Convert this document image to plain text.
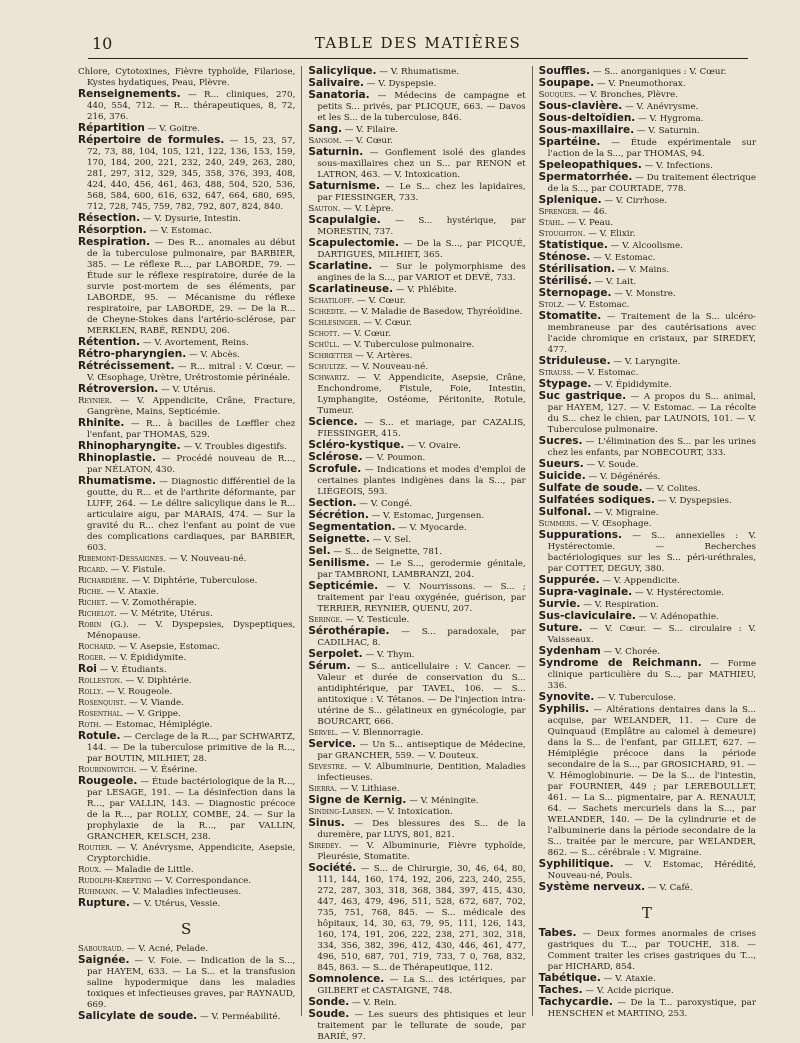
10	TABLE DES MATIÈRES
Chlore, Cytotoxines, Fièvre typhoïde, Filariose, Kystes hydatiques, Peau, Plèvre.
Renseignements. — R... cliniques, 270, 440, 554, 712. — R... thérapeutiques, 8, 72, 216, 376.
Répartition — V. Goitre.
Répertoire de formules. — 15, 23, 57, 72, 73, 88, 104, 105, 121, 122, 136, 153, 159, 170, 184, 200, 221, 232, 240, 249, 263, 280, 281, 297, 312, 329, 345, 358, 376, 393, 408, 424, 440, 456, 461, 463, 488, 504, 520, 536, 568, 584, 600, 616, 632, 647, 664, 680, 695, 712, 728, 745, 759, 782, 792, 807, 824, 840.
Résection. — V. Dysurie, Intestin.
Résorption. — V. Estomac.
Respiration. — Des R... anomales au début de la tuberculose pulmonaire, par BARBIER, 385. — Le réflexe R..., par LABORDE, 79. — Étude sur le réflexe respiratoire, durée de la survie post-mortem de ses éléments, par LABORDE, 95. — Mécanisme du réflexe respiratoire, par LABORDE, 29. — De la R... de Cheyne-Stokes dans l'artério-sclérose, par MERKLEN, RABÉ, RENDU, 206.
Rétention. — V. Avortement, Reins.
Rétro-pharyngien. — V. Abcès.
Rétrécissement. — R... mitral : V. Cœur. — V. Œsophage, Urètre, Urétrostomie périnéale.
Rétroversion. — V. Utérus.
Reynier. — V. Appendicite, Crâne, Fracture, Gangrène, Mains, Septicémie.
Rhinite. — R... à bacilles de Lœffler chez l'enfant, par THOMAS, 529.
Rhinopharyngite. — V. Troubles digestifs.
Rhinoplastie. — Procédé nouveau de R..., par NÉLATON, 430.
Rhumatisme. — Diagnostic différentiel de la goutte, du R... et de l'arthrite déformante, par LUFF, 264. — Le délire salicylique dans le R... articulaire aigu, par MARAIS, 474. — Sur la gravité du R... chez l'enfant au point de vue des complications cardiaques, par BARBIER, 603.
Ribemont-Dessaignes. — V. Nouveau-né.
Ricard. — V. Fistule.
Richardière. — V. Diphtérie, Tuberculose.
Riche. — V. Ataxie.
Richet. — V. Zomothérapie.
Richelot. — V. Métrite, Utérus.
Robin (G.). — V. Dyspepsies, Dyspeptiques, Ménopause.
Rochard. — V. Asepsie, Estomac.
Roger. — V. Épididymite.
Roi — V. Étudiants.
Rolleston. — V. Diphtérie.
Rolly. — V. Rougeole.
Rosenquist. — V. Viande.
Rosenthal. — V. Grippe.
Roth. — Estomac, Hémiplégie.
Rotule. — Cerclage de la R..., par SCHWARTZ, 144. — De la tuberculose primitive de la R..., par BOUTIN, MILHIET, 28.
Roubinowitch. — V. Ésérine.
Rougeole. — Étude bactériologique de la R..., par LESAGE, 191. — La désinfection dans la R..., par VALLIN, 143. — Diagnostic précoce de la R..., par ROLLY, COMBE, 24. — Sur la prophylaxie de la R..., par VALLIN, GRANCHER, KELSCH, 238.
Routier. — V. Anévrysme, Appendicite, Asepsie, Cryptorchidie.
Roux. — Maladie de Little.
Rudolph-Krefting — V. Correspondance.
Ruhmann. — V. Maladies infectieuses.
Rupture. — V. Utérus, Vessie.
S
Sabouraud. — V. Acné, Pelade.
Saignée. — V. Foie. — Indication de la S..., par HAYEM, 633. — La S... et la transfusion saline hypodermique dans les maladies toxiques et infectieuses graves, par RAYNAUD, 669.
Salicylate de soude. — V. Perméabilité.
Salicylique. — V. Rhumatisme.
Salivaire. — V. Dyspepsie.
Sanatoria. — Médecins de campagne et petits S... privés, par PLICQUE, 663. — Davos et les S... de la tuberculose, 846.
Sang. — V. Filaire.
Sansom. — V. Cœur.
Saturnin. — Gonflement isolé des glandes sous-maxillaires chez un S... par RENON et LATRON, 463. — V. Intoxication.
Saturnisme. — Le S... chez les lapidaires, par FIESSINGER, 733.
Sauton. — V. Lèpre.
Scapulalgie. — S... hystérique, par MORESTIN, 737.
Scapulectomie. — De la S..., par PICQUÉ, DARTIGUES, MILHIET, 365.
Scarlatine. — Sur le polymorphisme des angines de la S..., par VARIOT et DEVÉ, 733.
Scarlatineuse. — V. Phlébite.
Schatiloff. — V. Cœur.
Schœdte. — V. Maladie de Basedow, Thyréoïdine.
Schlesinger. — V. Cœur.
Schott. — V. Cœur.
Schüll. — V. Tuberculose pulmonaire.
Schrœtter — V. Artères.
Schultze. — V. Nouveau-né.
Schwartz. — V. Appendicite, Asepsie, Crâne, Enchondrome, Fistule, Foie, Intestin, Lymphangite, Ostéome, Péritonite, Rotule, Tumeur.
Science. — S... et mariage, par CAZALIS, FIESSINGER, 415.
Scléro-kystique. — V. Ovaire.
Sclérose. — V. Poumon.
Scrofule. — Indications et modes d'emploi de certaines plantes indigènes dans la S..., par LIÉGEOIS, 593.
Section. — V. Congé.
Sécrétion. — V. Estomac, Jurgensen.
Segmentation. — V. Myocarde.
Seignette. — V. Sel.
Sel. — S... de Seignette, 781.
Senilisme. — Le S..., gerodermie génitale, par TAMBRONI, LAMBRANZI, 204.
Septicémie. — V. Nourrissons. — S... ; traitement par l'eau oxygénée, guérison, par TERRIER, REYNIER, QUENU, 207.
Seringe. — V. Testicule.
Sérothérapie. — S... paradoxale, par CADILHAC, 8.
Serpolet. — V. Thym.
Sérum. — S... anticellulaire : V. Cancer. — Valeur et durée de conservation du S... antidiphtérique, par TAVEL, 106. — S... antitoxique : V. Tétanos. — De l'injection intra-utérine de S... gélatineux en gynécologie, par BOURCART, 666.
Servel. — V. Blennorragie.
Service. — Un S... antiseptique de Médecine, par GRANCHER, 559. — V. Douteux.
Sevestre. — V. Albuminurie, Dentition, Maladies infectieuses.
Sierra. — V. Lithiase.
Signe de Kernig. — V. Méningite.
Sinding-Larsen. — V. Intoxication.
Sinus. — Des blessures des S... de la duremère, par LUYS, 801, 821.
Siredey. — V. Albuminurie, Fièvre typhoïde, Pleurésie, Stomatite.
Société. — S... de Chirurgie, 30, 46, 64, 80, 111, 144, 160, 174, 192, 206, 223, 240, 255, 272, 287, 303, 318, 368, 384, 397, 415, 430, 447, 463, 479, 496, 511, 528, 672, 687, 702, 735, 751, 768, 845. — S... médicale des hôpitaux, 14, 30, 63, 79, 95, 111, 126, 143, 160, 174, 191, 206, 222, 238, 271, 302, 318, 334, 356, 382, 396, 412, 430, 446, 461, 477, 496, 510, 687, 701, 719, 733, 7 0, 768, 832, 845, 863. — S... de Thérapeutique, 112.
Somnolence. — La S... des ictériques, par GILBERT et CASTAIGNE, 748.
Sonde. — V. Rein.
Soude. — Les sueurs des phtisiques et leur traitement par le tellurate de soude, par BARIÉ, 97.
Souffles. — S... anorganiques : V. Cœur.
Soupape. — V. Pneumothorax.
Souques. — V. Bronches, Plèvre.
Sous-clavière. — V. Anévrysme.
Sous-deltoïdien. — V. Hygroma.
Sous-maxillaire. — V. Saturnin.
Spartéine. — Étude expérimentale sur l'action de la S..., par THOMAS, 94.
Speleopathiques. — V. Infections.
Spermatorrhée. — Du traitement électrique de la S..., par COURTADE, 778.
Splenique. — V. Cirrhose.
Sprenger. — 46.
Stahl. — V. Peau.
Stoughton. — V. Elixir.
Statistique. — V. Alcoolisme.
Sténose. — V. Estomac.
Stérilisation. — V. Mains.
Stérilisé. — V. Lait.
Sternopage. — V. Monstre.
Stolz. — V. Estomac.
Stomatite. — Traitement de la S... ulcéro-membraneuse par des cautérisations avec l'acide chromique en cristaux, par SIREDEY, 477.
Striduleuse. — V. Laryngite.
Strauss. — V. Estomac.
Stypage. — V. Épididymite.
Suc gastrique. — A propos du S... animal, par HAYEM, 127. — V. Estomac. — La récolte du S... chez le chien, par LAUNOIS, 101. — V. Tuberculose pulmonaire.
Sucres. — L'élimination des S... par les urines chez les enfants, par NOBECOURT, 333.
Sueurs. — V. Soude.
Suicide. — V. Dégénérés.
Sulfate de soude. — V. Colites.
Sulfatées sodiques. — V. Dyspepsies.
Sulfonal. — V. Migraine.
Summers. — V. Œsophage.
Suppurations. — S... annexielles : V. Hystérectomie. — Recherches bactériologiques sur les S... péri-uréthrales, par COTTET, DEGUY, 380.
Suppurée. — V. Appendicite.
Supra-vaginale. — V. Hystérectomie.
Survie. — V. Respiration.
Sus-claviculaire. — V. Adénopathie.
Suture. — V. Cœur. — S... circulaire : V. Vaisseaux.
Sydenham — V. Chorée.
Syndrome de Reichmann. — Forme clinique particulière du S..., par MATHIEU, 336.
Synovite. — V. Tuberculose.
Syphilis. — Altérations dentaires dans la S... acquise, par WELANDER, 11. — Cure de Quinquaud (Emplâtre au calomel à demeure) dans la S... de l'enfant, par GILLET, 627. — Hémiplégie précoce dans la période secondaire de la S..., par GROSICHARD, 91. — V. Hémoglobinurie. — De la S... de l'intestin, par FOURNIER, 449 ; par LEREBOULLET, 461. — La S... pigmentaire, par A. RENAULT, 64. — Sachets mercuriels dans la S..., par WELANDER, 140. — De la cylindrurie et de l'albuminerie dans la période secondaire de la S... traitée par le mercure, par WELANDER, 862. — S... cérébrale : V. Migraine.
Syphilitique. — V. Estomac, Hérédité, Nouveau-né, Pouls.
Système nerveux. — V. Café.
T
Tabes. — Deux formes anormales de crises gastriques du T..., par TOUCHE, 318. — Comment traiter les crises gastriques du T..., par HICHARD, 854.
Tabétique. — V. Ataxie.
Taches. — V. Acide picrique.
Tachycardie. — De la T... paroxystique, par HENSCHEN et MARTINO, 253.
